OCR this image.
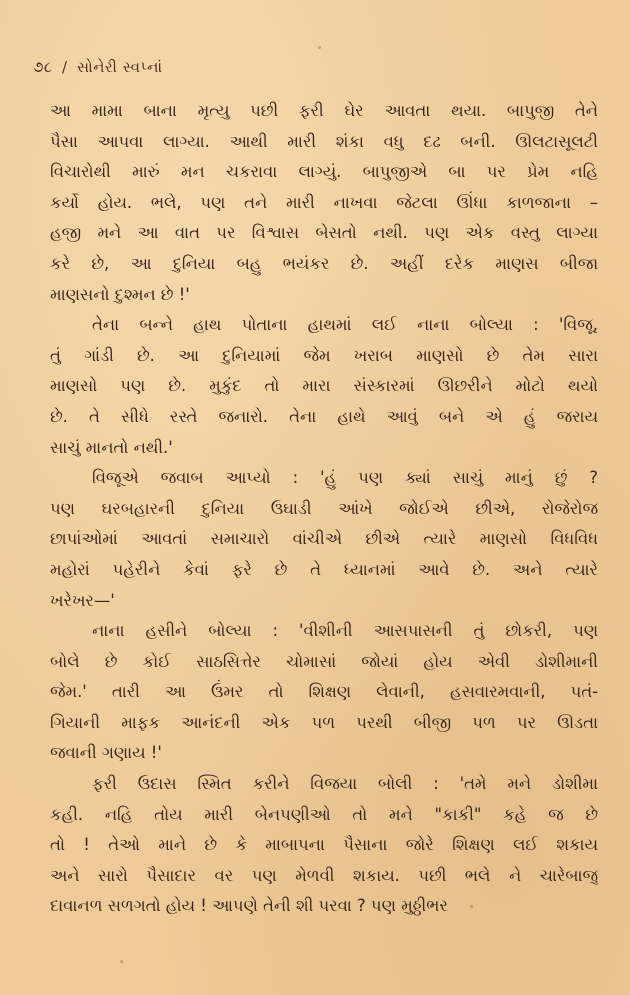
૭૮ / સોનેરી સ્વપ્નાં
આ મામા બાના મૃત્યુ પછી ફરી ઘેર આવતા થયા. બાપુજી તેને
પૈસા આપવા લાગ્યા. આથી મારી શંકા વધુ દઢ બની. ઊલટાસૂલટી
વિચારોથી મારું મન ચકરાવા લાગ્યું. બાપુજીએ બા પર પ્રેમ નહિ
કર્યો હોય. ભલે, પણ તને મારી નાખવા જેટલા ઊંધા કાળજાના –
હજી મને આ વાત પર વિશ્વાસ બેસતો નથી. પણ એક વસ્તુ લાગ્યા
કરે છે, આ દુનિયા બહુ ભયંકર છે. અહીં દરેક માણસ બીજા
માણસનો દુશ્મન છે !'
તેના બન્ને હાથ પોતાના હાથમાં લઈ નાના બોલ્યા : 'વિજૂ,
તું ગાંડી છે. આ દુનિયામાં જેમ ખરાબ માણસો છે તેમ સારા
માણસો પણ છે. મુકુંદ તો મારા સંસ્કારમાં ઊછરીને મોટો થયો
છે. તે સીધે રસ્તે જનારો. તેના હાથે આવું બને એ હું જરાય
સાચું માનતો નથી.'
વિજૂએ જવાબ આપ્યો : 'હું પણ ક્યાં સાચું માનું છું ?
પણ ઘરબહારની દુનિયા ઉઘાડી આંખે જોઈએ છીએ, રોજેરોજ
છાપાંઓમાં આવતાં સમાચારો વાંચીએ છીએ ત્યારે માણસો વિધવિધ
મહોરાં પહેરીને કેવાં ફરે છે તે ધ્યાનમાં આવે છે. અને ત્યારે
ખરેખર—'
નાના હસીને બોલ્યા : 'વીશીની આસપાસની તું છોકરી, પણ
બોલે છે કોઈ સાઠસિત્તેર ચોમાસાં જોયાં હોય એવી ડોશીમાની
જેમ.' તારી આ ઉંમર તો શિક્ષણ લેવાની, હસવારમવાની, પતં-
ગિયાની માફક આનંદની એક પળ પરથી બીજી પળ પર ઊડતા
જવાની ગણાય !'
ફરી ઉદાસ સ્મિત કરીને વિજયા બોલી : 'તમે મને ડોશીમા
કહી. નહિ તોય મારી બેનપણીઓ તો મને "કાકી" કહે જ છે
તો ! તેઓ માને છે કે માબાપના પૈસાના જોરે શિક્ષણ લઈ શકાય
અને સારો પૈસાદાર વર પણ મેળવી શકાય. પછી ભલે ને ચારેબાજુ
દાવાનળ સળગતો હોય ! આપણે તેની શી પરવા ? પણ મુઠ્ઠીભર
